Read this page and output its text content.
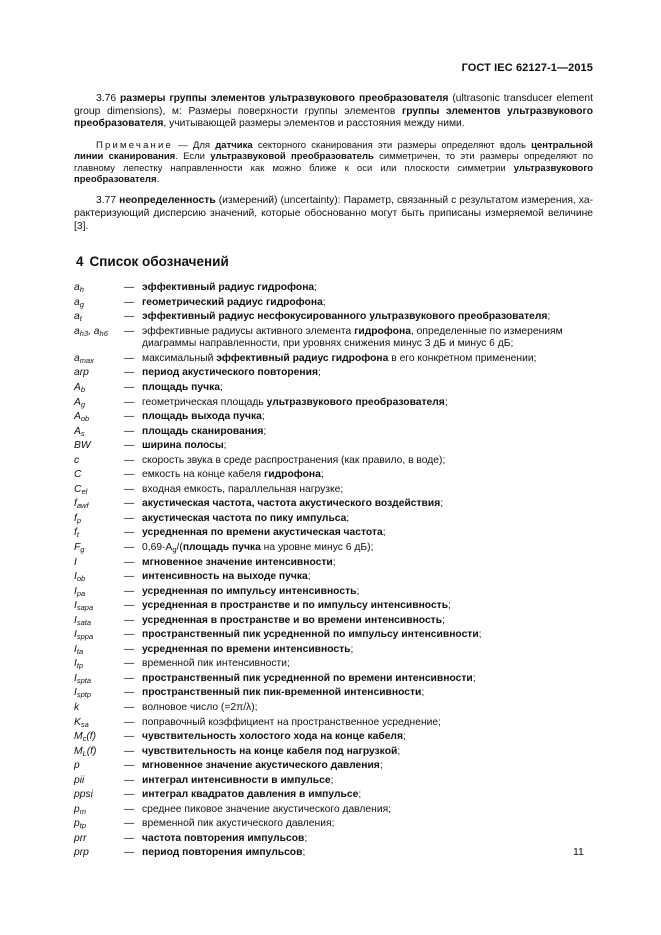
ГОСТ IEC 62127-1—2015

3.76 размеры группы элементов ультразвукового преобразователя (ultrasonic transducer element group dimensions), м: Размеры поверхности группы элементов группы элементов ультразвукового преобразователя, учитывающей размеры элементов и расстояния между ними.

Примечание — Для датчика секторного сканирования эти размеры определяют вдоль центральной линии сканирования. Если ультразвуковой преобразователь симметричен, то эти размеры определяют по главному лепестку направленности как можно ближе к оси или плоскости симметрии ультразвукового преобразователя.

3.77 неопределенность (измерений) (uncertainty): Параметр, связанный с результатом измерения, характеризующий дисперсию значений, которые обоснованно могут быть приписаны измеряемой величине [3].

4 Список обозначений
$a_h$	— эффективный радиус гидрофона;
$a_g$	— геометрический радиус гидрофона;
$a_t$	— эффективный радиус несфокусированного ультразвукового преобразователя;
$a_{h3}$, $a_{h6}$	— эффективные радиусы активного элемента гидрофона, определенные по измерениям диаграммы направленности, при уровнях снижения минус 3 дБ и минус 6 дБ;
$a_{max}$	— максимальный эффективный радиус гидрофона в его конкретном применении;
arp	— период акустического повторения;
$A_b$	— площадь пучка;
$A_g$	— геометрическая площадь ультразвукового преобразователя;
$A_{ob}$	— площадь выхода пучка;
$A_s$	— площадь сканирования;
BW	— ширина полосы;
c	— скорость звука в среде распространения (как правило, в воде);
C	— емкость на конце кабеля гидрофона;
$C_{el}$	— входная емкость, параллельная нагрузке;
$f_{awf}$	— акустическая частота, частота акустического воздействия;
$f_p$	— акустическая частота по пику импульса;
$f_t$	— усредненная по времени акустическая частота;
$F_g$	— $0,69\cdot A_g/(площадь$ пучка на уровне минус 6 дБ);
I	— мгновенное значение интенсивности;
$I_{ob}$	— интенсивность на выходе пучка;
$I_{pa}$	— усредненная по импульсу интенсивность;
$I_{sapa}$	— усредненная в пространстве и по импульсу интенсивность;
$I_{sata}$	— усредненная в пространстве и во времени интенсивность;
$I_{sppa}$	— пространственный пик усредненной по импульсу интенсивности;
$I_{ta}$	— усредненная по времени интенсивность;
$I_{tp}$	— временной пик интенсивности;
$I_{spta}$	— пространственный пик усредненной по времени интенсивности;
$I_{sptp}$	— пространственный пик пик-временной интенсивности;
k	— волновое число (=2π/λ);
$K_{sa}$	— поправочный коэффициент на пространственное усреднение;
$M_c(f)$	— чувствительность холостого хода на конце кабеля;
$M_L(f)$	— чувствительность на конце кабеля под нагрузкой;
p	— мгновенное значение акустического давления;
pii	— интеграл интенсивности в импульсе;
ppsi	— интеграл квадратов давления в импульсе;
$p_m$	— среднее пиковое значение акустического давления;
$p_{tp}$	— временной пик акустического давления;
prr	— частота повторения импульсов;
prp	— период повторения импульсов;	11
